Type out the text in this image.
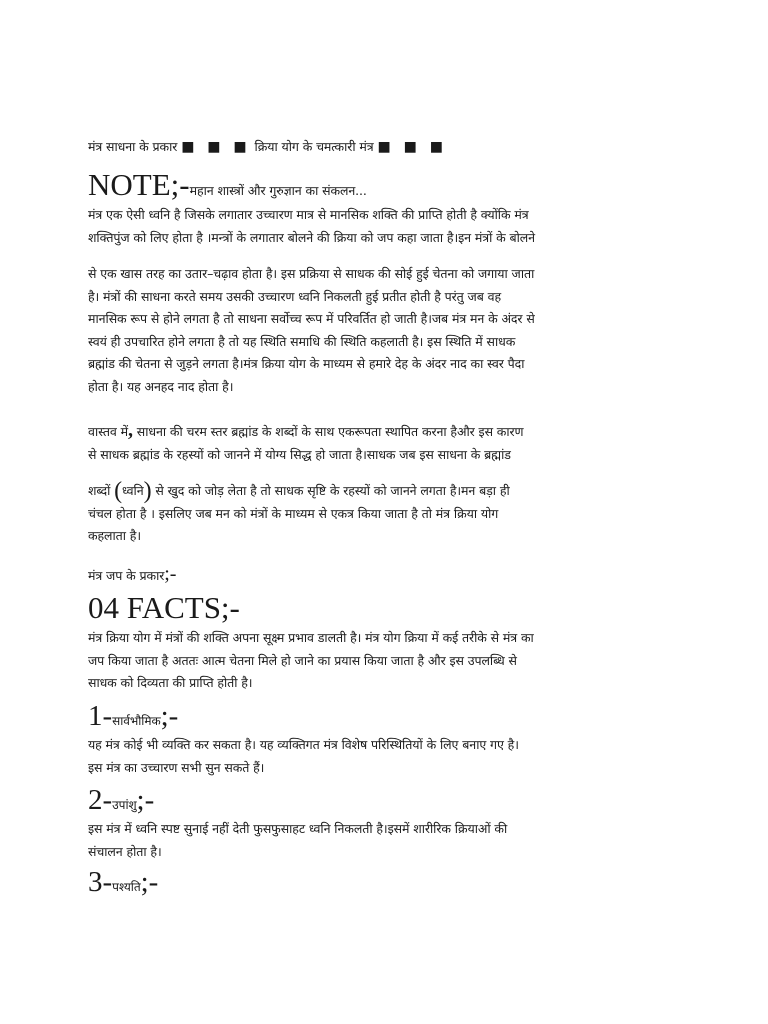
मंत्र साधना के प्रकार ■ ■ ■ क्रिया योग के चमत्कारी मंत्र ■ ■ ■

NOTE;-महान शास्त्रों और गुरुज्ञान का संकलन...

मंत्र एक ऐसी ध्वनि है जिसके लगातार उच्चारण मात्र से मानसिक शक्ति की प्राप्ति होती है क्योंकि मंत्र

शक्तिपुंज को लिए होता है ।मन्त्रों के लगातार बोलने की क्रिया को जप कहा जाता है।इन मंत्रों के बोलने

से एक खास तरह का उतार–चढ़ाव होता है। इस प्रक्रिया से साधक की सोई हुई चेतना को जगाया जाता

है। मंत्रों की साधना करते समय उसकी उच्चारण ध्वनि निकलती हुई प्रतीत होती है परंतु जब वह

मानसिक रूप से होने लगता है तो साधना सर्वोच्च रूप में परिवर्तित हो जाती है।जब मंत्र मन के अंदर से

स्वयं ही उपचारित होने लगता है तो यह स्थिति समाधि की स्थिति कहलाती है। इस स्थिति में साधक

ब्रह्मांड की चेतना से जुड़ने लगता है।मंत्र क्रिया योग के माध्यम से हमारे देह के अंदर नाद का स्वर पैदा

होता है। यह अनहद नाद होता है।

वास्तव में, साधना की चरम स्तर ब्रह्मांड के शब्दों के साथ एकरूपता स्थापित करना हैऔर इस कारण

से साधक ब्रह्मांड के रहस्यों को जानने में योग्य सिद्ध हो जाता है।साधक जब इस साधना के ब्रह्मांड

शब्दों (ध्वनि) से खुद को जोड़ लेता है तो साधक सृष्टि के रहस्यों को जानने लगता है।मन बड़ा ही

चंचल होता है । इसलिए जब मन को मंत्रों के माध्यम से एकत्र किया जाता है तो मंत्र क्रिया योग

कहलाता है।

मंत्र जप के प्रकार;-

04 FACTS;-

मंत्र क्रिया योग में मंत्रों की शक्ति अपना सूक्ष्म प्रभाव डालती है। मंत्र योग क्रिया में कई तरीके से मंत्र का

जप किया जाता है अततः आत्म चेतना मिले हो जाने का प्रयास किया जाता है और इस उपलब्धि से

साधक को दिव्यता की प्राप्ति होती है।

1-सार्वभौमिक;-

यह मंत्र कोई भी व्यक्ति कर सकता है। यह व्यक्तिगत मंत्र विशेष परिस्थितियों के लिए बनाए गए है।

इस मंत्र का उच्चारण सभी सुन सकते हैं।

2-उपांशु;-

इस मंत्र में ध्वनि स्पष्ट सुनाई नहीं देती फुसफुसाहट ध्वनि निकलती है।इसमें शारीरिक क्रियाओं की

संचालन होता है।

3-पश्यति;-
